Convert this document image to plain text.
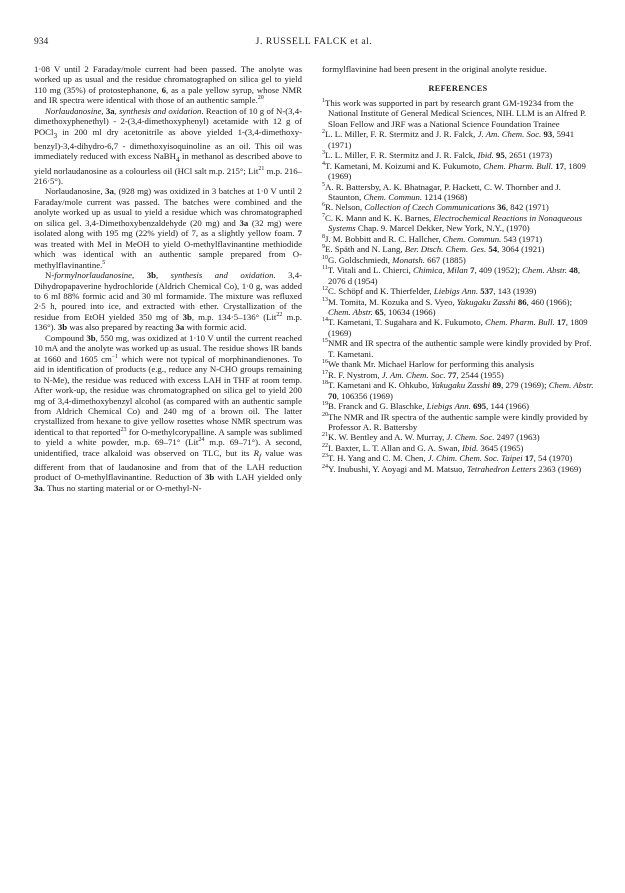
934	J. RUSSELL FALCK et al.

1·08 V until 2 Faraday/mole current had been passed. The anolyte was worked up as usual and the residue chromatographed on silica gel to yield 110 mg (35%) of protostephanone, 6, as a pale yellow syrup, whose NMR and IR spectra were identical with those of an authentic sample.$^{20}$

Norlaudanosine, 3a, synthesis and oxidation. Reaction of 10 g of N-(3,4-dimethoxyphenethyl) - 2-(3,4-dimethoxyphenyl) acetamide with 12 g of POCl$_3$ in 200 ml dry acetonitrile as above yielded 1-(3,4-dimethoxy-benzyl)-3,4-dihydro-6,7 - dimethoxyisoquinoline as an oil. This oil was immediately reduced with excess NaBH$_4$ in methanol as described above to yield norlaudanosine as a colourless oil (HCl salt m.p. 215°; Lit$^{21}$ m.p. 216–216·5°).

Norlaudanosine, 3a, (928 mg) was oxidized in 3 batches at 1·0 V until 2 Faraday/mole current was passed. The batches were combined and the anolyte worked up as usual to yield a residue which was chromatographed on silica gel. 3,4-Dimethoxybenzaldehyde (20 mg) and 3a (32 mg) were isolated along with 195 mg (22% yield) of 7, as a slightly yellow foam. 7 was treated with MeI in MeOH to yield O-methylflavinantine methiodide which was identical with an authentic sample prepared from O-methylflavinantine.$^5$

N-formylnorlaudanosine, 3b, synthesis and oxidation. 3,4-Dihydropapaverine hydrochloride (Aldrich Chemical Co), 1·0 g, was added to 6 ml 88% formic acid and 30 ml formamide. The mixture was refluxed 2·5 h, poured into ice, and extracted with ether. Crystallization of the residue from EtOH yielded 350 mg of 3b, m.p. 134·5–136° (Lit$^{22}$ m.p. 136°). 3b was also prepared by reacting 3a with formic acid.

Compound 3b, 550 mg, was oxidized at 1·10 V until the current reached 10 mA and the anolyte was worked up as usual. The residue shows IR bands at 1660 and 1605 $cm^{-1}$ which were not typical of morphinandienones. To aid in identification of products (e.g., reduce any N-CHO groups remaining to N-Me), the residue was reduced with excess LAH in THF at room temp. After work-up, the residue was chromatographed on silica gel to yield 200 mg of 3,4-dimethoxybenzyl alcohol (as compared with an authentic sample from Aldrich Chemical Co) and 240 mg of a brown oil. The latter crystallized from hexane to give yellow rosettes whose NMR spectrum was identical to that reported$^{23}$ for O-methylcorypalline. A sample was sublimed to yield a white powder, m.p. 69–71° (Lit$^{24}$ m.p. 69–71°). A second, unidentified, trace alkaloid was observed on TLC, but its $R_f$ value was different from that of laudanosine and from that of the LAH reduction product of O-methylflavinantine. Reduction of 3b with LAH yielded only 3a. Thus no starting material or or O-methyl-N-

formylflavinine had been present in the original anolyte residue.

REFERENCES

$^1$This work was supported in part by research grant GM-19234 from the National Institute of General Medical Sciences, NIH. LLM is an Alfred P. Sloan Fellow and JRF was a National Science Foundation Trainee

$^2$L. L. Miller, F. R. Stermitz and J. R. Falck, J. Am. Chem. Soc. 93, 5941 (1971)

$^3$L. L. Miller, F. R. Stermitz and J. R. Falck, Ibid. 95, 2651 (1973)

$^4$T. Kametani, M. Koizumi and K. Fukumoto, Chem. Pharm. Bull. 17, 1809 (1969)

$^5$A. R. Battersby, A. K. Bhatnagar, P. Hackett, C. W. Thornber and J. Staunton, Chem. Commun. 1214 (1968)

$^6$R. Nelson, Collection of Czech Communications 36, 842 (1971)

$^7$C. K. Mann and K. K. Barnes, Electrochemical Reactions in Nonaqueous Systems Chap. 9. Marcel Dekker, New York, N.Y., (1970)

$^8$J. M. Bobbitt and R. C. Hallcher, Chem. Commun. 543 (1971)

$^9$E. Späth and N. Lang, Ber. Dtsch. Chem. Ges. 54, 3064 (1921)

$^{10}$G. Goldschmiedt, Monatsh. 667 (1885)

$^{11}$T. Vitali and L. Chierci, Chimica, Milan 7, 409 (1952); Chem. Abstr. 48, 2076 d (1954)

$^{12}$C. Schöpf and K. Thierfelder, Liebigs Ann. 537, 143 (1939)

$^{13}$M. Tomita, M. Kozuka and S. Vyeo, Yakugaku Zasshi 86, 460 (1966); Chem. Abstr. 65, 10634 (1966)

$^{14}$T. Kametani, T. Sugahara and K. Fukumoto, Chem. Pharm. Bull. 17, 1809 (1969)

$^{15}$NMR and IR spectra of the authentic sample were kindly provided by Prof. T. Kametani.

$^{16}$We thank Mr. Michael Harlow for performing this analysis

$^{17}$R. F. Nystrom, J. Am. Chem. Soc. 77, 2544 (1955)

$^{18}$T. Kametani and K. Ohkubo, Yakugaku Zasshi 89, 279 (1969); Chem. Abstr. 70, 106356 (1969)

$^{19}$B. Franck and G. Blaschke, Liebigs Ann. 695, 144 (1966)

$^{20}$The NMR and IR spectra of the authentic sample were kindly provided by Professor A. R. Battersby

$^{21}$K. W. Bentley and A. W. Murray, J. Chem. Soc. 2497 (1963)

$^{22}$I. Baxter, L. T. Allan and G. A. Swan, Ibid. 3645 (1965)

$^{23}$T. H. Yang and C. M. Chen, J. Chim. Chem. Soc. Taipei 17, 54 (1970)

$^{24}$Y. Inubushi, Y. Aoyagi and M. Matsuo, Tetrahedron Letters 2363 (1969)
